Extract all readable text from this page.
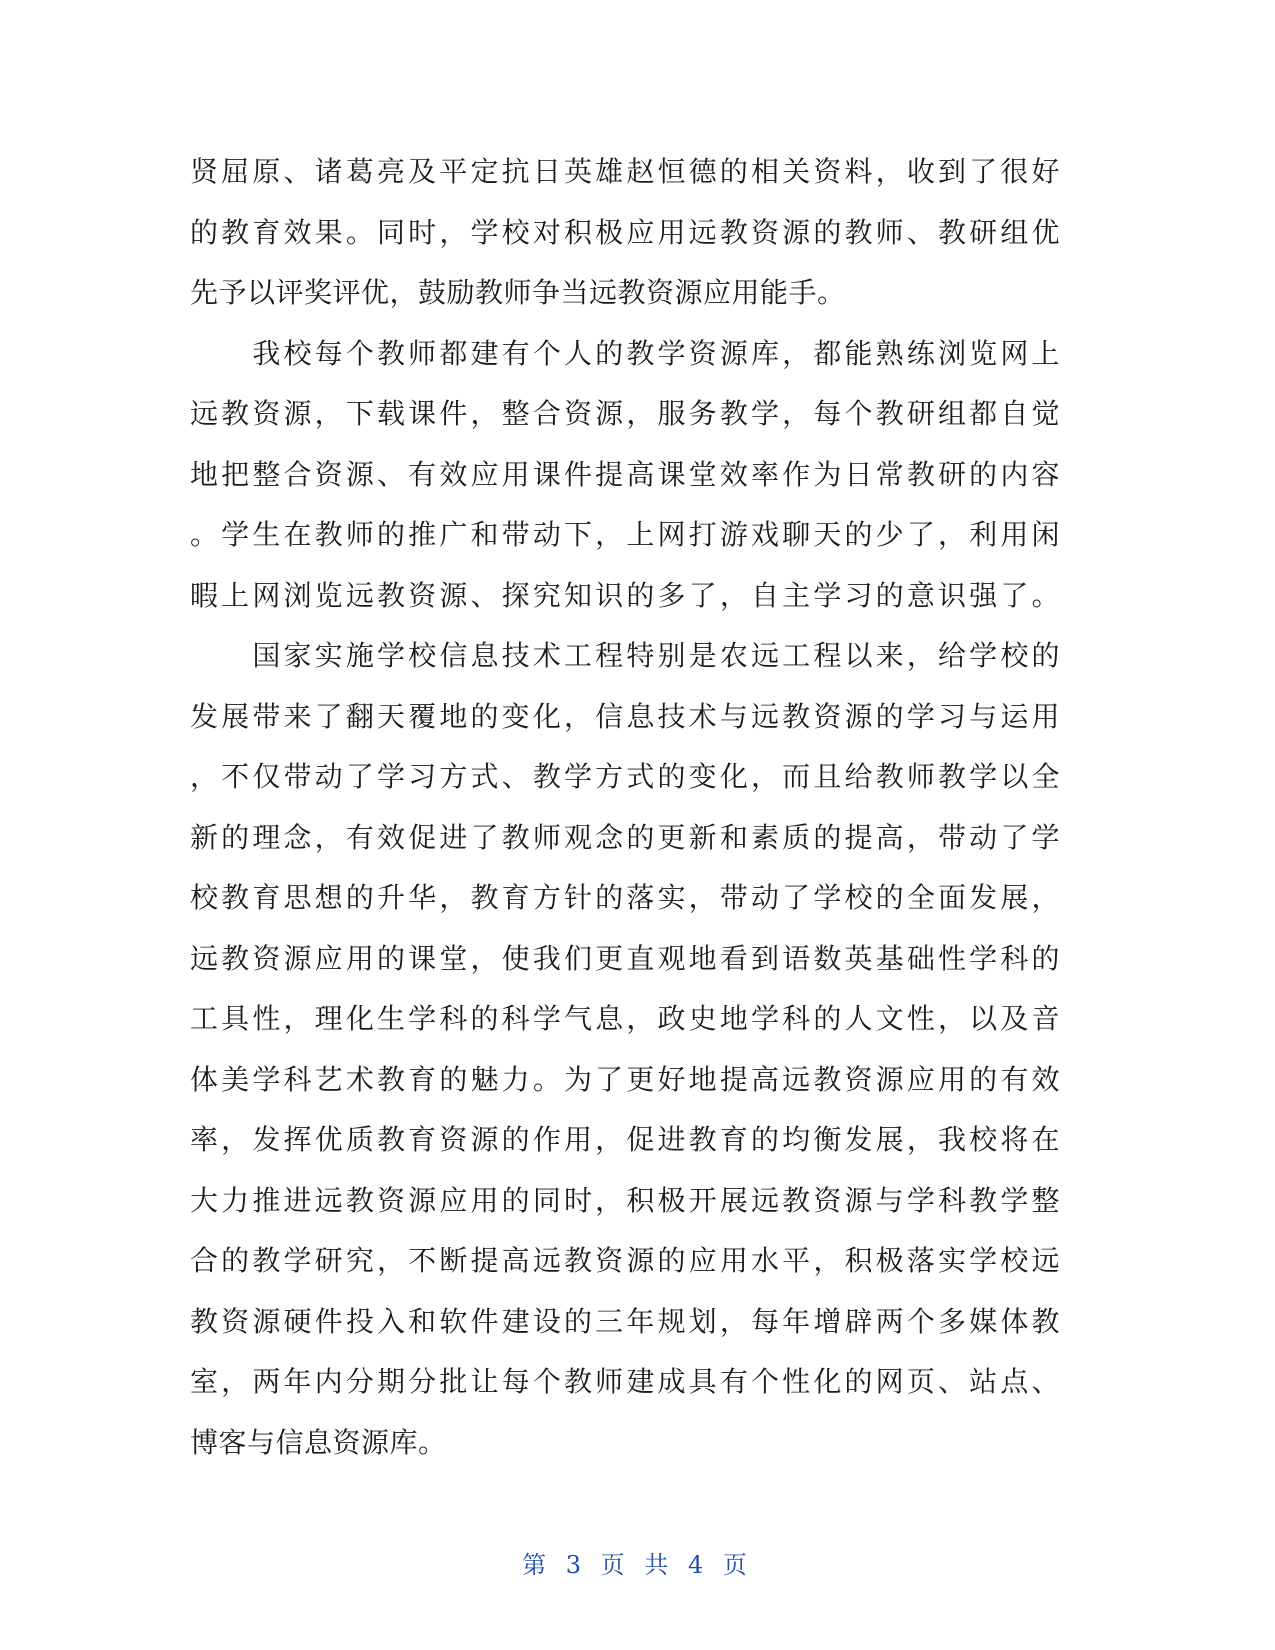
贤屈原、诸葛亮及平定抗日英雄赵恒德的相关资料，收到了很好
的教育效果。同时，学校对积极应用远教资源的教师、教研组优
先予以评奖评优，鼓励教师争当远教资源应用能手。
　　我校每个教师都建有个人的教学资源库，都能熟练浏览网上
远教资源，下载课件，整合资源，服务教学，每个教研组都自觉
地把整合资源、有效应用课件提高课堂效率作为日常教研的内容
。学生在教师的推广和带动下，上网打游戏聊天的少了，利用闲
暇上网浏览远教资源、探究知识的多了，自主学习的意识强了。
　　国家实施学校信息技术工程特别是农远工程以来，给学校的
发展带来了翻天覆地的变化，信息技术与远教资源的学习与运用
，不仅带动了学习方式、教学方式的变化，而且给教师教学以全
新的理念，有效促进了教师观念的更新和素质的提高，带动了学
校教育思想的升华，教育方针的落实，带动了学校的全面发展，
远教资源应用的课堂，使我们更直观地看到语数英基础性学科的
工具性，理化生学科的科学气息，政史地学科的人文性，以及音
体美学科艺术教育的魅力。为了更好地提高远教资源应用的有效
率，发挥优质教育资源的作用，促进教育的均衡发展，我校将在
大力推进远教资源应用的同时，积极开展远教资源与学科教学整
合的教学研究，不断提高远教资源的应用水平，积极落实学校远
教资源硬件投入和软件建设的三年规划，每年增辟两个多媒体教
室，两年内分期分批让每个教师建成具有个性化的网页、站点、
博客与信息资源库。
第 3 页 共 4 页
